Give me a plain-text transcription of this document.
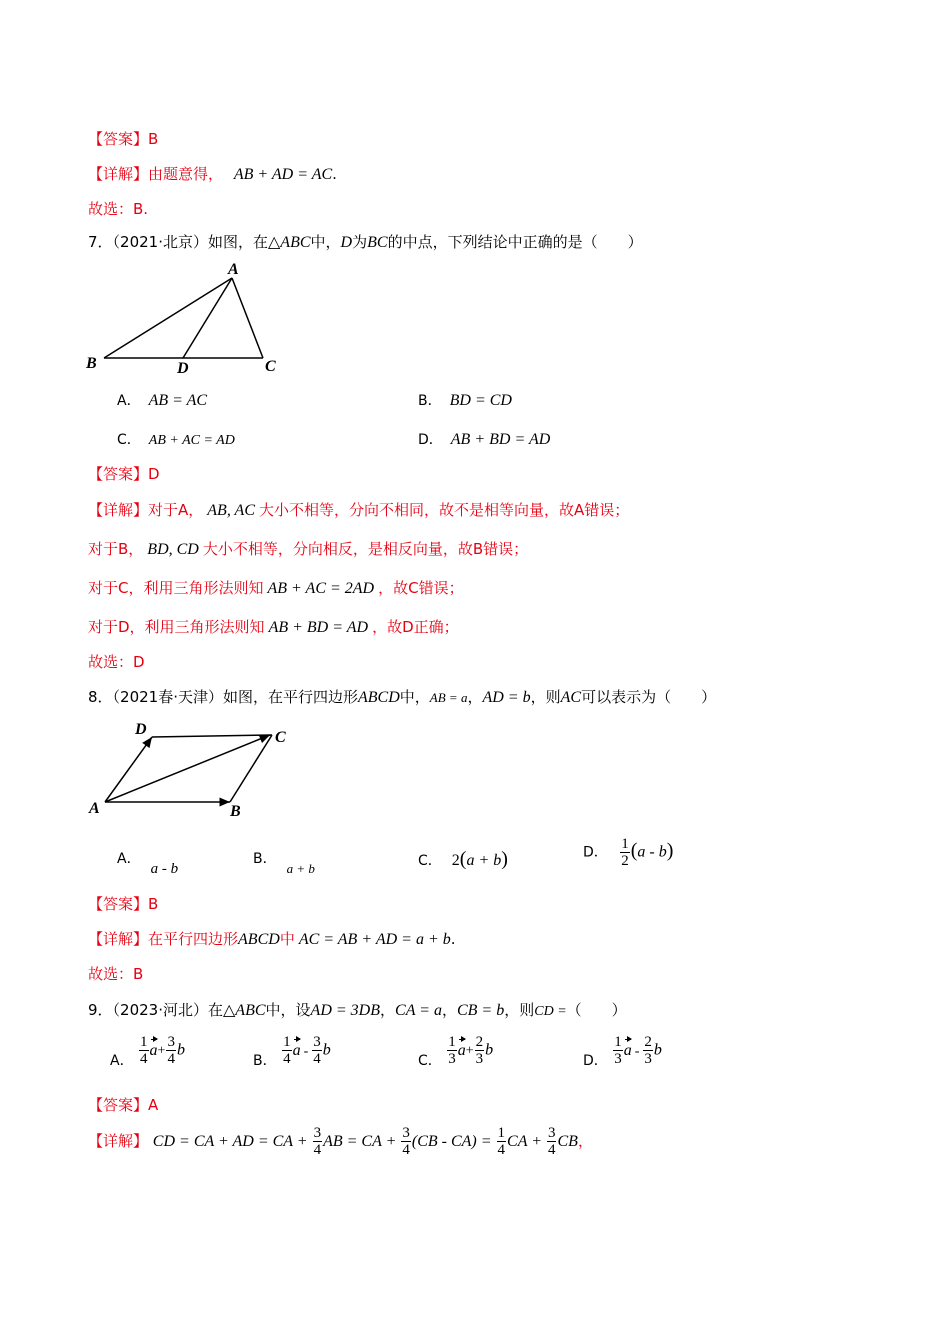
【答案】B
【详解】由题意得， AB + AD = AC.
故选：B.
7．（2021·北京）如图，在△ABC中，D为BC的中点，下列结论中正确的是（　　）
A
B	C
D
A． AB = AC	B． BD = CD
C． AB + AC = AD	D． AB + BD = AD
【答案】D
【详解】对于A， AB, AC 大小不相等，分向不相同，故不是相等向量，故A错误；
对于B， BD, CD 大小不相等，分向相反，是相反向量，故B错误；
对于C，利用三角形法则知 AB + AC = 2AD ，故C错误；
对于D，利用三角形法则知 AB + BD = AD ，故D正确；
故选：D
8．（2021春·天津）如图，在平行四边形ABCD中，AB = a，AD = b，则AC可以表示为（　　）
D	C
A	B
A．a - b
B．a + b	C． 2(a + b)	D． $\frac{1}{2} (a - b)$
【答案】B
【详解】在平行四边形ABCD中 AC = AB + AD = a + b.
故选：B
9．（2023·河北）在△ABC中，设AD = 3DB，CA = a，CB = b，则CD =（　　）
A． $\frac{1}{4} a+ \frac{3}{4}$ b
B． $\frac{1}{4}$ a - $\frac{3}{4}$ b
C． $\frac{1}{3} a+ \frac{2}{3}$ b
D． $\frac{1}{3}$ a - $\frac{2}{3}$ b
【答案】A
【详解】 CD = CA + AD = CA + $\frac{3}{4}$ AB = CA + $\frac{3}{4} (CB - CA) = \frac{1}{4}$ CA + $\frac{3}{4}$ CB，
